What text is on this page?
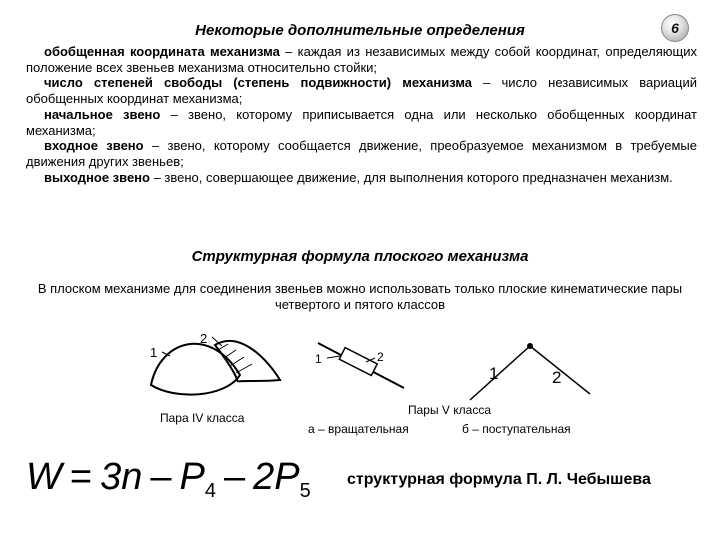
Некоторые дополнительные определения	6

обобщенная координата механизма – каждая из независимых между собой координат, определяющих положение всех звеньев механизма относительно стойки;

число степеней свободы (степень подвижности) механизма – число независимых вариаций обобщенных координат механизма;

начальное звено – звено, которому приписывается одна или несколько обобщенных координат механизма;

входное звено – звено, которому сообщается движение, преобразуемое механизмом в требуемые движения других звеньев;

выходное звено – звено, совершающее движение, для выполнения которого предназначен механизм.

Структурная формула плоского механизма
В плоском механизме для соединения звеньев можно использовать только плоские кинематические пары четвертого и пятого классов
1
2
1	2
1	2
Пара IV класса
Пары V класса
а – вращательная	б – поступательная
$W = 3n - P_4 - 2P_5$
структурная формула П. Л. Чебышева
